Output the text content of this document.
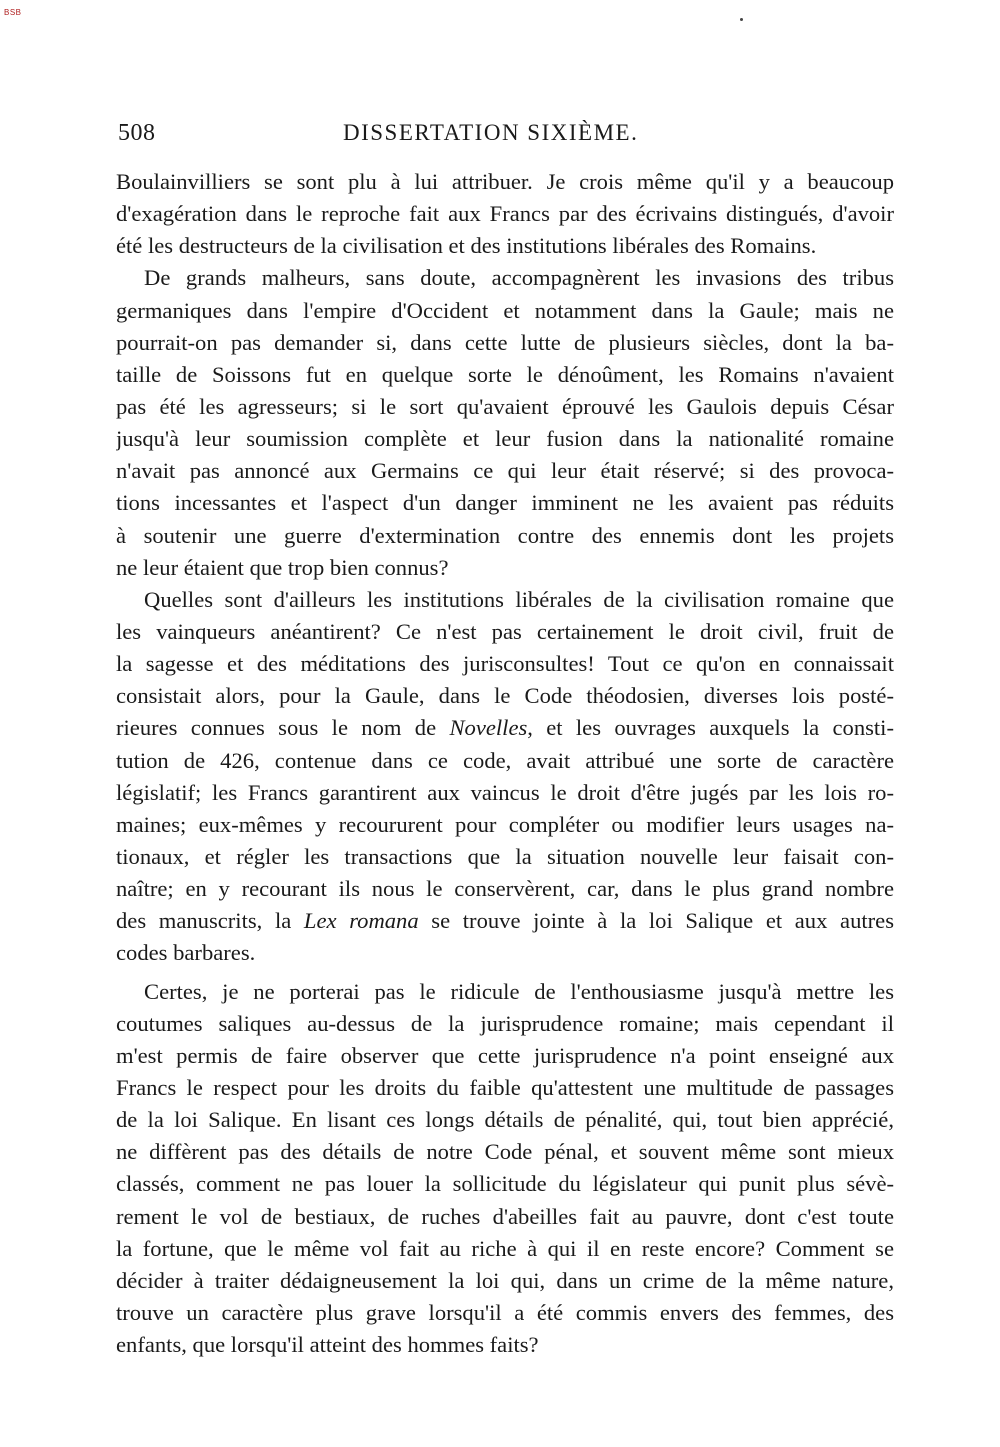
BSB
508	DISSERTATION SIXIÈME.
Boulainvilliers se sont plu à lui attribuer. Je crois même qu'il y a beaucoup
d'exagération dans le reproche fait aux Francs par des écrivains distingués, d'avoir
été les destructeurs de la civilisation et des institutions libérales des Romains.
De grands malheurs, sans doute, accompagnèrent les invasions des tribus
germaniques dans l'empire d'Occident et notamment dans la Gaule; mais ne
pourrait-on pas demander si, dans cette lutte de plusieurs siècles, dont la ba-
taille de Soissons fut en quelque sorte le dénoûment, les Romains n'avaient
pas été les agresseurs; si le sort qu'avaient éprouvé les Gaulois depuis César
jusqu'à leur soumission complète et leur fusion dans la nationalité romaine
n'avait pas annoncé aux Germains ce qui leur était réservé; si des provoca-
tions incessantes et l'aspect d'un danger imminent ne les avaient pas réduits
à soutenir une guerre d'extermination contre des ennemis dont les projets
ne leur étaient que trop bien connus?
Quelles sont d'ailleurs les institutions libérales de la civilisation romaine que
les vainqueurs anéantirent? Ce n'est pas certainement le droit civil, fruit de
la sagesse et des méditations des jurisconsultes! Tout ce qu'on en connaissait
consistait alors, pour la Gaule, dans le Code théodosien, diverses lois posté-
rieures connues sous le nom de Novelles, et les ouvrages auxquels la consti-
tution de 426, contenue dans ce code, avait attribué une sorte de caractère
législatif; les Francs garantirent aux vaincus le droit d'être jugés par les lois ro-
maines; eux-mêmes y recoururent pour compléter ou modifier leurs usages na-
tionaux, et régler les transactions que la situation nouvelle leur faisait con-
naître; en y recourant ils nous le conservèrent, car, dans le plus grand nombre
des manuscrits, la Lex romana se trouve jointe à la loi Salique et aux autres
codes barbares.
Certes, je ne porterai pas le ridicule de l'enthousiasme jusqu'à mettre les
coutumes saliques au-dessus de la jurisprudence romaine; mais cependant il
m'est permis de faire observer que cette jurisprudence n'a point enseigné aux
Francs le respect pour les droits du faible qu'attestent une multitude de passages
de la loi Salique. En lisant ces longs détails de pénalité, qui, tout bien apprécié,
ne diffèrent pas des détails de notre Code pénal, et souvent même sont mieux
classés, comment ne pas louer la sollicitude du législateur qui punit plus sévè-
rement le vol de bestiaux, de ruches d'abeilles fait au pauvre, dont c'est toute
la fortune, que le même vol fait au riche à qui il en reste encore? Comment se
décider à traiter dédaigneusement la loi qui, dans un crime de la même nature,
trouve un caractère plus grave lorsqu'il a été commis envers des femmes, des
enfants, que lorsqu'il atteint des hommes faits?
